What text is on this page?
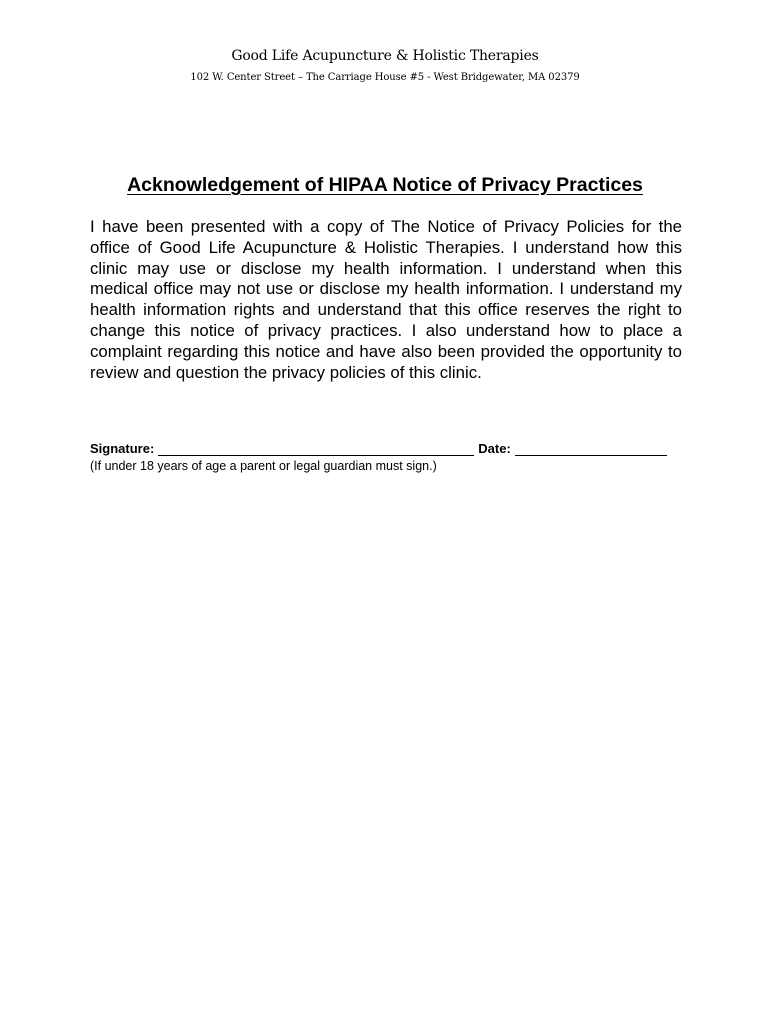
Good Life Acupuncture & Holistic Therapies
102 W. Center Street – The Carriage House #5 - West Bridgewater, MA 02379
Acknowledgement of HIPAA Notice of Privacy Practices

I have been presented with a copy of The Notice of Privacy Policies for the office of Good Life Acupuncture & Holistic Therapies. I understand how this clinic may use or disclose my health information. I understand when this medical office may not use or disclose my health information. I understand my health information rights and understand that this office reserves the right to change this notice of privacy practices. I also understand how to place a complaint regarding this notice and have also been provided the opportunity to review and question the privacy policies of this clinic.

Signature:	Date:
(If under 18 years of age a parent or legal guardian must sign.)
